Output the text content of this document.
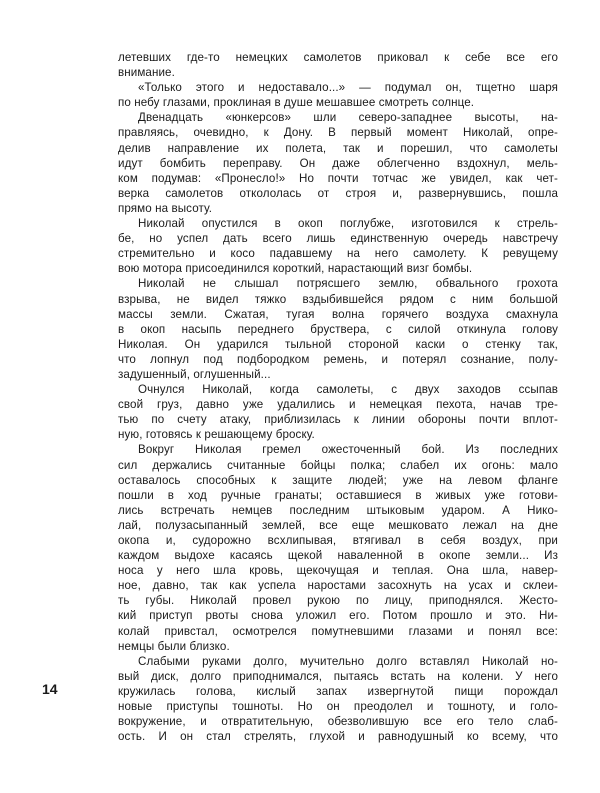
летевших где-то немецких самолетов приковал к себе все его
внимание.
«Только этого и недоставало...» — подумал он, тщетно шаря
по небу глазами, проклиная в душе мешавшее смотреть солнце.
Двенадцать «юнкерсов» шли северо-западнее высоты, на-
правляясь, очевидно, к Дону. В первый момент Николай, опре-
делив направление их полета, так и порешил, что самолеты
идут бомбить переправу. Он даже облегченно вздохнул, мель-
ком подумав: «Пронесло!» Но почти тотчас же увидел, как чет-
верка самолетов откололась от строя и, развернувшись, пошла
прямо на высоту.
Николай опустился в окоп поглубже, изготовился к стрель-
бе, но успел дать всего лишь единственную очередь навстречу
стремительно и косо падавшему на него самолету. К ревущему
вою мотора присоединился короткий, нарастающий визг бомбы.
Николай не слышал потрясшего землю, обвального грохота
взрыва, не видел тяжко вздыбившейся рядом с ним большой
массы земли. Сжатая, тугая волна горячего воздуха смахнула
в окоп насыпь переднего бруствера, с силой откинула голову
Николая. Он ударился тыльной стороной каски о стенку так,
что лопнул под подбородком ремень, и потерял сознание, полу-
задушенный, оглушенный...
Очнулся Николай, когда самолеты, с двух заходов ссыпав
свой груз, давно уже удалились и немецкая пехота, начав тре-
тью по счету атаку, приблизилась к линии обороны почти вплот-
ную, готовясь к решающему броску.
Вокруг Николая гремел ожесточенный бой. Из последних
сил держались считанные бойцы полка; слабел их огонь: мало
оставалось способных к защите людей; уже на левом фланге
пошли в ход ручные гранаты; оставшиеся в живых уже готови-
лись встречать немцев последним штыковым ударом. А Нико-
лай, полузасыпанный землей, все еще мешковато лежал на дне
окопа и, судорожно всхлипывая, втягивал в себя воздух, при
каждом выдохе касаясь щекой наваленной в окопе земли... Из
носа у него шла кровь, щекочущая и теплая. Она шла, навер-
ное, давно, так как успела наростами засохнуть на усах и склеи-
ть губы. Николай провел рукою по лицу, приподнялся. Жесто-
кий приступ рвоты снова уложил его. Потом прошло и это. Ни-
колай привстал, осмотрелся помутневшими глазами и понял все:
немцы были близко.
Слабыми руками долго, мучительно долго вставлял Николай но-
вый диск, долго приподнимался, пытаясь встать на колени. У него
кружилась голова, кислый запах извергнутой пищи порождал
новые приступы тошноты. Но он преодолел и тошноту, и голо-
вокружение, и отвратительную, обезволившую все его тело слаб-
ость. И он стал стрелять, глухой и равнодушный ко всему, что
14
